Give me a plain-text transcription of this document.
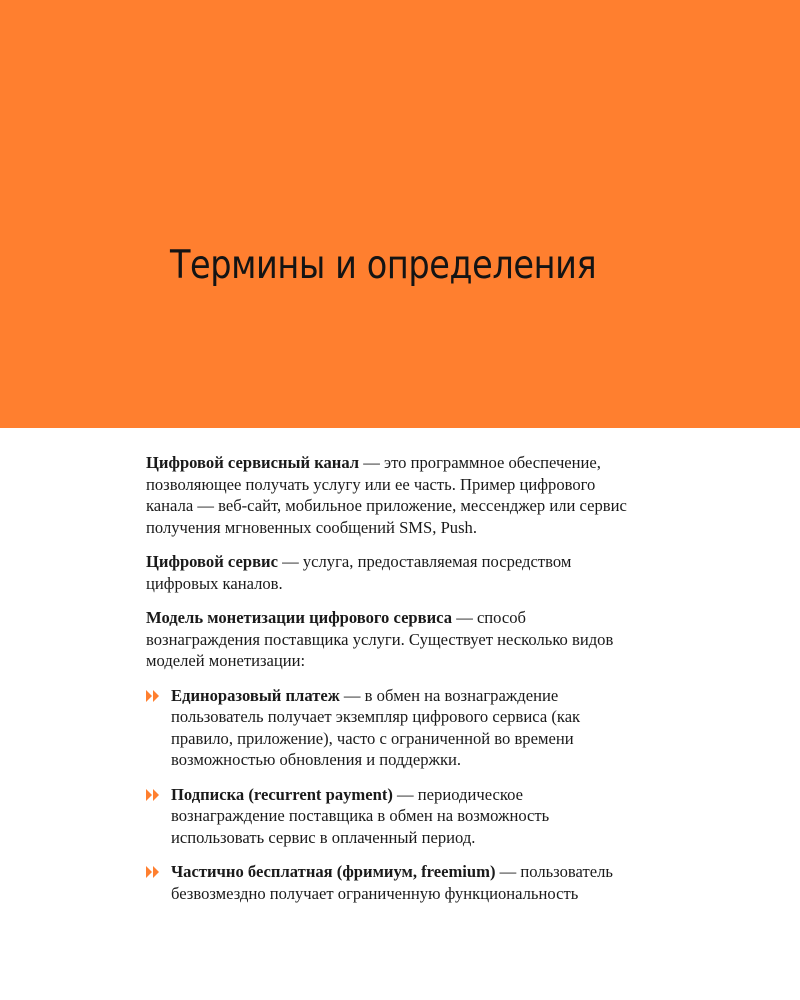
Термины и определения

Цифровой сервисный канал — это программное обеспечение, позволяющее получать услугу или ее часть. Пример цифрового канала — веб-сайт, мобильное приложение, мессенджер или сервис получения мгновенных сообщений SMS, Push.

Цифровой сервис — услуга, предоставляемая посредством цифровых каналов.

Модель монетизации цифрового сервиса — способ вознаграждения поставщика услуги. Существует несколько видов моделей монетизации:

Единоразовый платеж — в обмен на вознаграждение пользователь получает экземпляр цифрового сервиса (как правило, приложение), часто с ограниченной во времени возможностью обновления и поддержки.
Подписка (recurrent payment) — периодическое вознаграждение поставщика в обмен на возможность использовать сервис в оплаченный период.
Частично бесплатная (фримиум, freemium) — пользователь безвозмездно получает ограниченную функциональность
